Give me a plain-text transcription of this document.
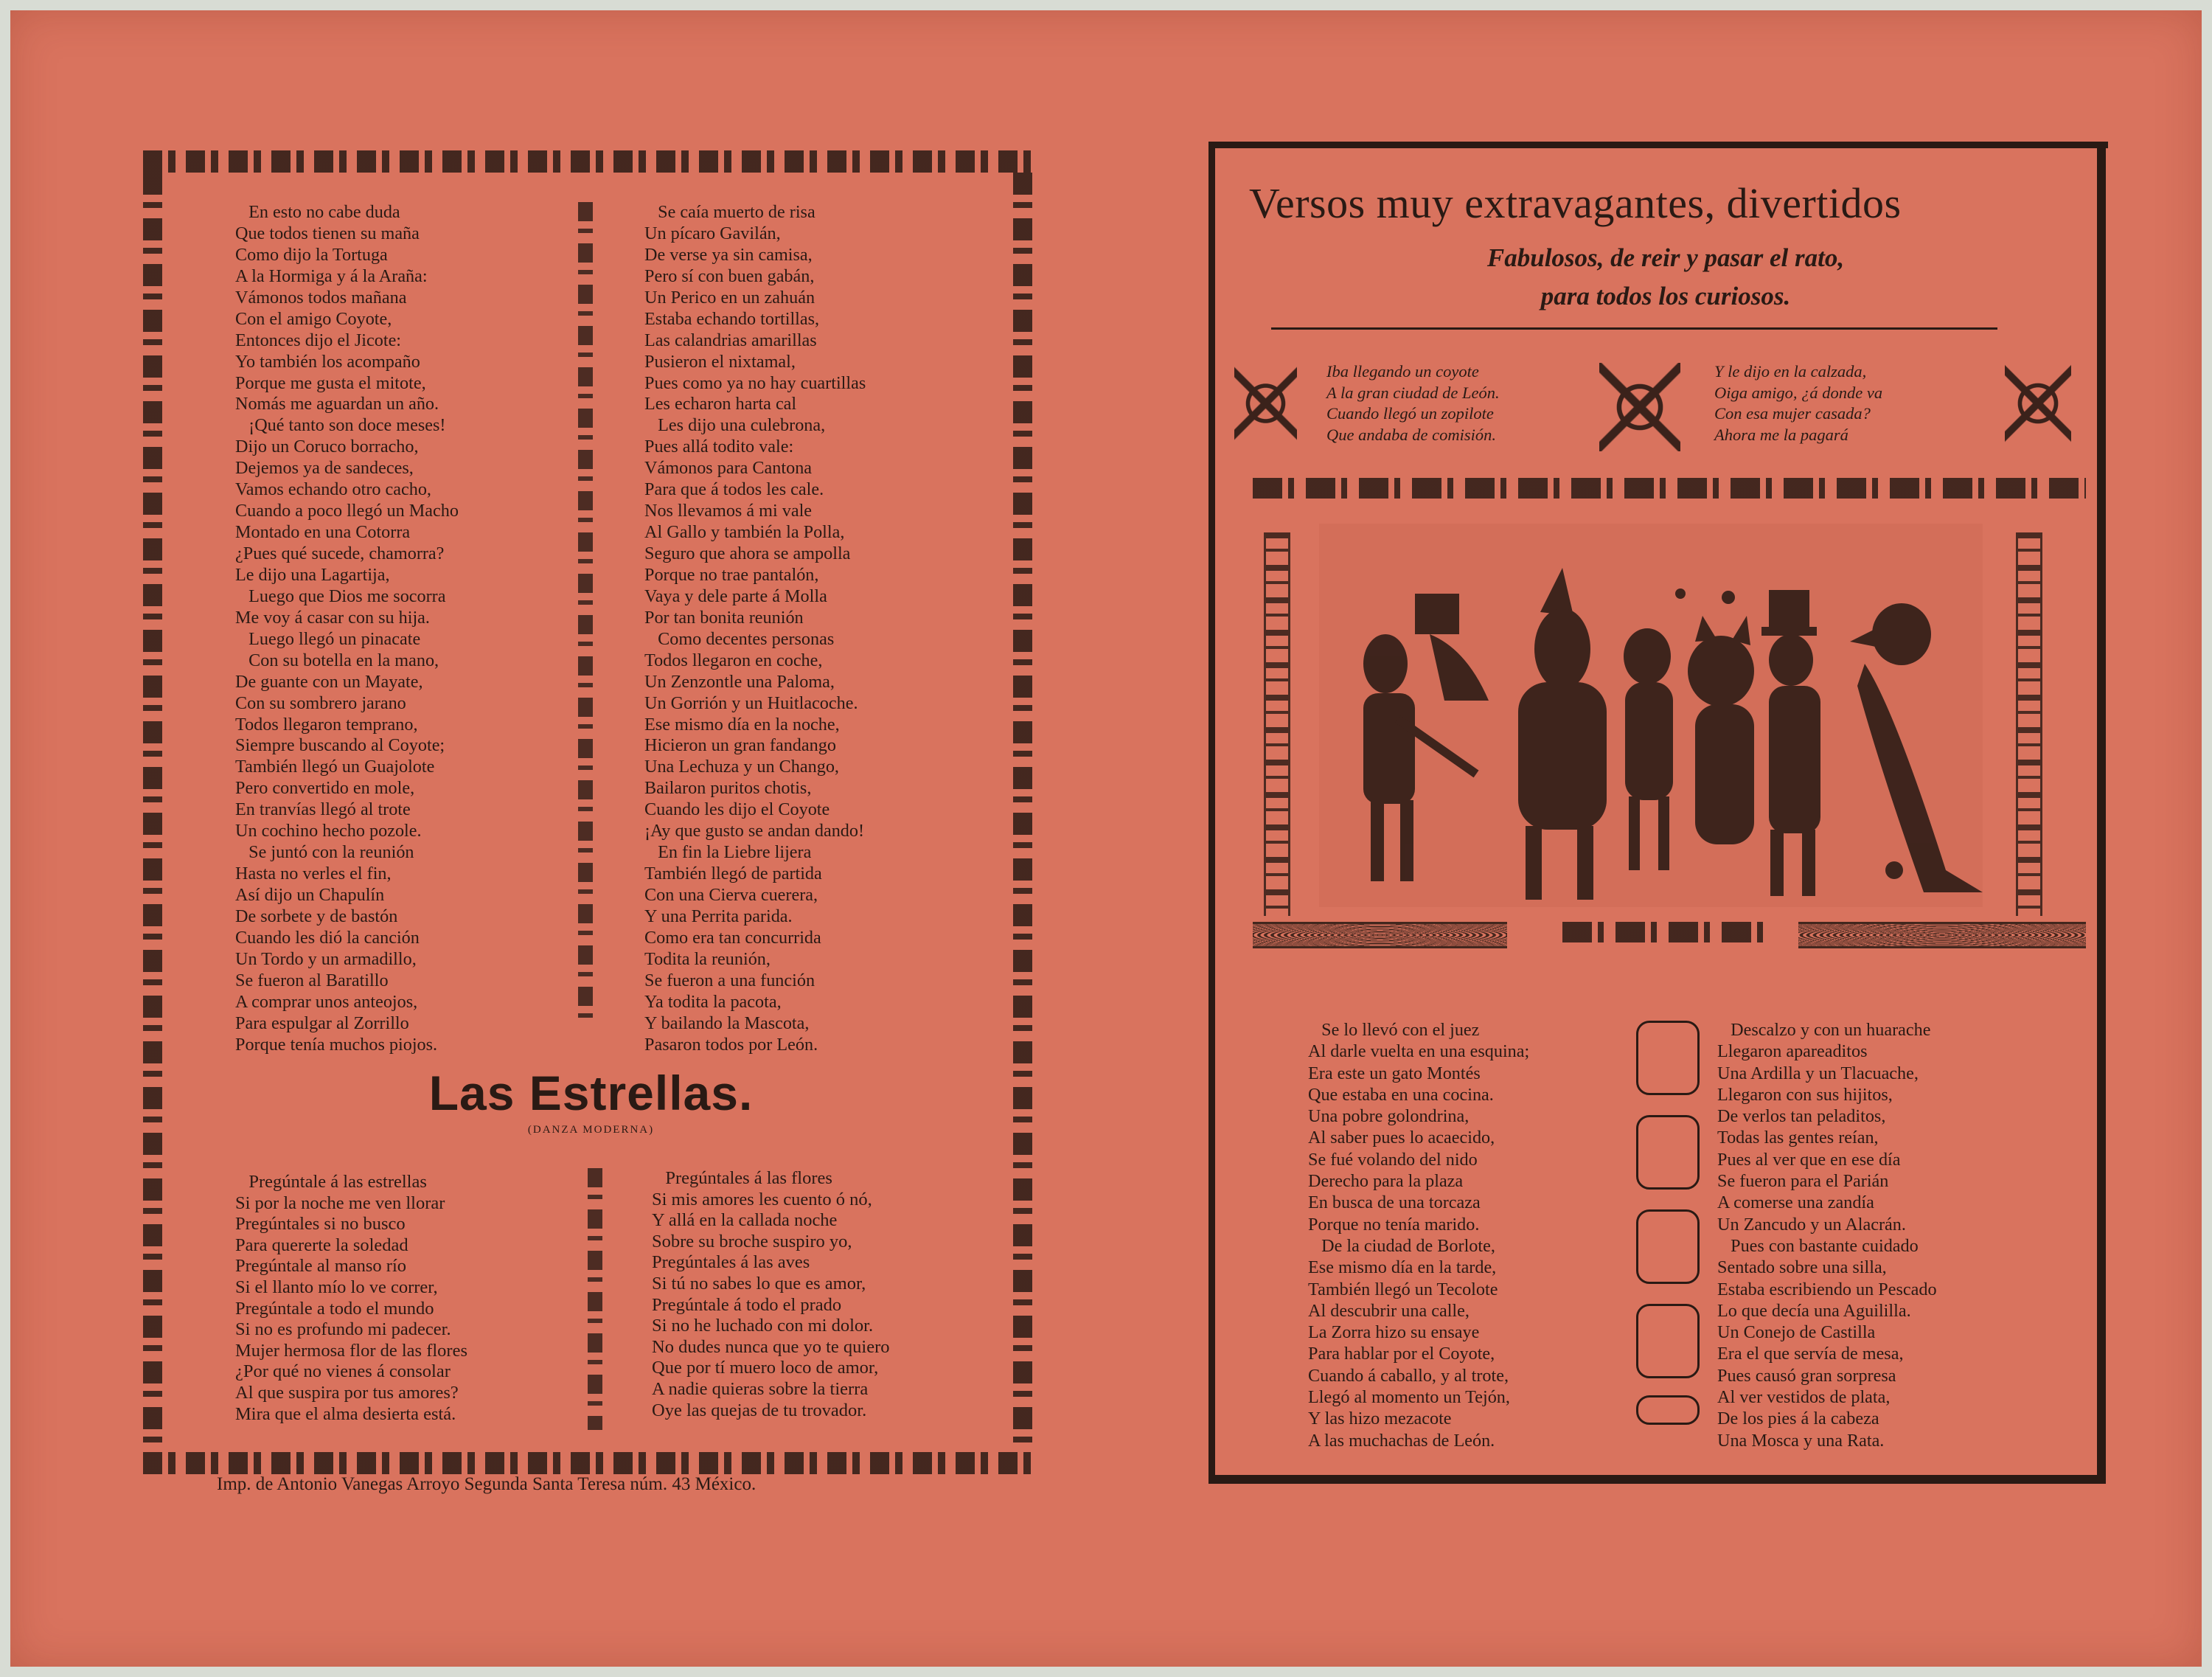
En esto no cabe duda
Que todos tienen su maña
Como dijo la Tortuga
A la Hormiga y á la Araña:
Vámonos todos mañana
Con el amigo Coyote,
Entonces dijo el Jicote:
Yo también los acompaño
Porque me gusta el mitote,
Nomás me aguardan un año.
¡Qué tanto son doce meses!
Dijo un Coruco borracho,
Dejemos ya de sandeces,
Vamos echando otro cacho,
Cuando a poco llegó un Macho
Montado en una Cotorra
¿Pues qué sucede, chamorra?
Le dijo una Lagartija,
Luego que Dios me socorra
Me voy á casar con su hija.
Luego llegó un pinacate
Con su botella en la mano,
De guante con un Mayate,
Con su sombrero jarano
Todos llegaron temprano,
Siempre buscando al Coyote;
También llegó un Guajolote
Pero convertido en mole,
En tranvías llegó al trote
Un cochino hecho pozole.
Se juntó con la reunión
Hasta no verles el fin,
Así dijo un Chapulín
De sorbete y de bastón
Cuando les dió la canción
Un Tordo y un armadillo,
Se fueron al Baratillo
A comprar unos anteojos,
Para espulgar al Zorrillo
Porque tenía muchos piojos.
Se caía muerto de risa
Un pícaro Gavilán,
De verse ya sin camisa,
Pero sí con buen gabán,
Un Perico en un zahuán
Estaba echando tortillas,
Las calandrias amarillas
Pusieron el nixtamal,
Pues como ya no hay cuartillas
Les echaron harta cal
Les dijo una culebrona,
Pues allá todito vale:
Vámonos para Cantona
Para que á todos les cale.
Nos llevamos á mi vale
Al Gallo y también la Polla,
Seguro que ahora se ampolla
Porque no trae pantalón,
Vaya y dele parte á Molla
Por tan bonita reunión
Como decentes personas
Todos llegaron en coche,
Un Zenzontle una Paloma,
Un Gorrión y un Huitlacoche.
Ese mismo día en la noche,
Hicieron un gran fandango
Una Lechuza y un Chango,
Bailaron puritos chotis,
Cuando les dijo el Coyote
¡Ay que gusto se andan dando!
En fin la Liebre lijera
También llegó de partida
Con una Cierva cuerera,
Y una Perrita parida.
Como era tan concurrida
Todita la reunión,
Se fueron a una función
Ya todita la pacota,
Y bailando la Mascota,
Pasaron todos por León.
Las Estrellas.
(DANZA MODERNA)
Pregúntale á las estrellas
Si por la noche me ven llorar
Pregúntales si no busco
Para quererte la soledad
Pregúntale al manso río
Si el llanto mío lo ve correr,
Pregúntale a todo el mundo
Si no es profundo mi padecer.
Mujer hermosa flor de las flores
¿Por qué no vienes á consolar
Al que suspira por tus amores?
Mira que el alma desierta está.
Pregúntales á las flores
Si mis amores les cuento ó nó,
Y allá en la callada noche
Sobre su broche suspiro yo,
Pregúntales á las aves
Si tú no sabes lo que es amor,
Pregúntale á todo el prado
Si no he luchado con mi dolor.
No dudes nunca que yo te quiero
Que por tí muero loco de amor,
A nadie quieras sobre la tierra
Oye las quejas de tu trovador.
Imp. de Antonio Vanegas Arroyo Segunda Santa Teresa núm. 43 México.
Versos muy extravagantes, divertidos
Fabulosos, de reir y pasar el rato,
para todos los curiosos.
Iba llegando un coyote
A la gran ciudad de León.
Cuando llegó un zopilote
Que andaba de comisión.
Y le dijo en la calzada,
Oiga amigo, ¿á donde va
Con esa mujer casada?
Ahora me la pagará
Se lo llevó con el juez
Al darle vuelta en una esquina;
Era este un gato Montés
Que estaba en una cocina.
Una pobre golondrina,
Al saber pues lo acaecido,
Se fué volando del nido
Derecho para la plaza
En busca de una torcaza
Porque no tenía marido.
De la ciudad de Borlote,
Ese mismo día en la tarde,
También llegó un Tecolote
Al descubrir una calle,
La Zorra hizo su ensaye
Para hablar por el Coyote,
Cuando á caballo, y al trote,
Llegó al momento un Tejón,
Y las hizo mezacote
A las muchachas de León.
Descalzo y con un huarache
Llegaron apareaditos
Una Ardilla y un Tlacuache,
Llegaron con sus hijitos,
De verlos tan peladitos,
Todas las gentes reían,
Pues al ver que en ese día
Se fueron para el Parián
A comerse una zandía
Un Zancudo y un Alacrán.
Pues con bastante cuidado
Sentado sobre una silla,
Estaba escribiendo un Pescado
Lo que decía una Aguililla.
Un Conejo de Castilla
Era el que servía de mesa,
Pues causó gran sorpresa
Al ver vestidos de plata,
De los pies á la cabeza
Una Mosca y una Rata.
